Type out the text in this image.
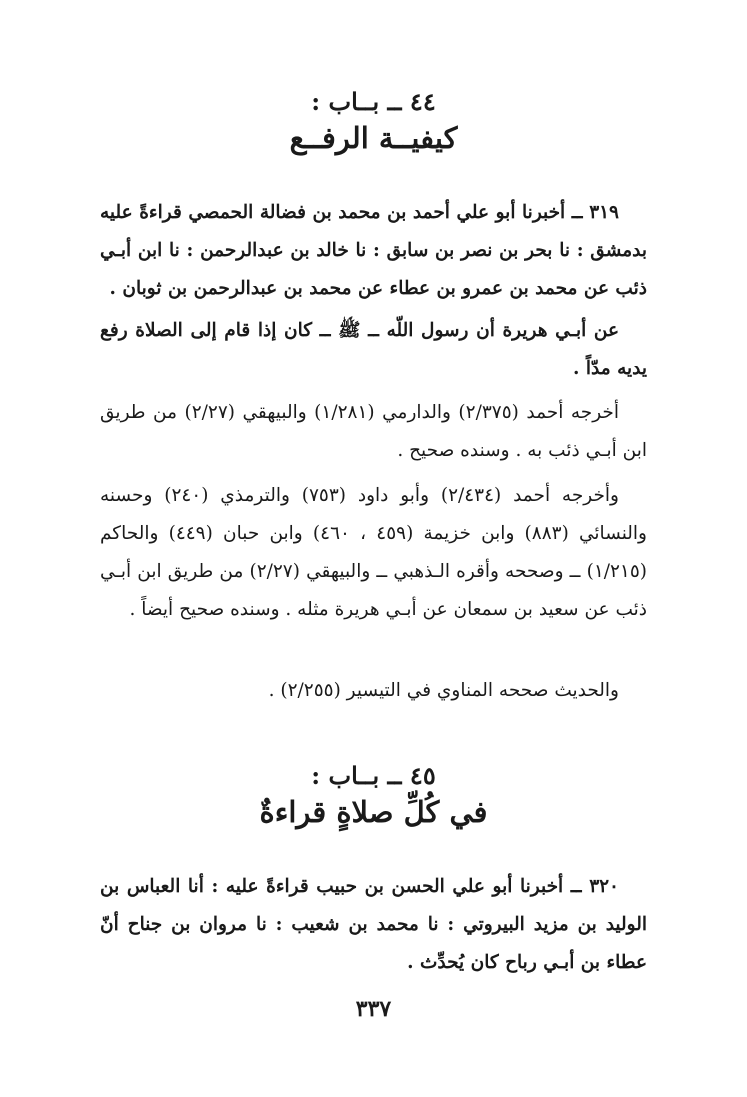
٤٤ ــ بــاب :
كيفيــة الرفــع

٣١٩ ــ أخبرنا أبو علي أحمد بن محمد بن فضالة الحمصي قراءةً عليه بدمشق : نا بحر بن نصر بن سابق : نا خالد بن عبدالرحمن : نا ابن أبـي ذئب عن محمد بن عمرو بن عطاء عن محمد بن عبدالرحمن بن ثوبان .

عن أبـي هريرة أن رسول اللّه ــ ﷺ ــ كان إذا قام إلى الصلاة رفع يديه مدّاً .

أخرجه أحمد (٢/٣٧٥) والدارمي (١/٢٨١) والبيهقي (٢/٢٧) من طريق ابن أبـي ذئب به . وسنده صحيح .

وأخرجه أحمد (٢/٤٣٤) وأبو داود (٧٥٣) والترمذي (٢٤٠) وحسنه والنسائي (٨٨٣) وابن خزيمة (٤٥٩ ، ٤٦٠) وابن حبان (٤٤٩) والحاكم (١/٢١٥) ــ وصححه وأقره الـذهبي ــ والبيهقي (٢/٢٧) من طريق ابن أبـي ذئب عن سعيد بن سمعان عن أبـي هريرة مثله . وسنده صحيح أيضاً .

والحديث صححه المناوي في التيسير (٢/٢٥٥) .

٤٥ ــ بــاب :
في كُلِّ صلاةٍ قراءةٌ

٣٢٠ ــ أخبرنا أبو علي الحسن بن حبيب قراءةً عليه : أنا العباس بن الوليد بن مزيد البيروتي : نا محمد بن شعيب : نا مروان بن جناح أنّ عطاء بن أبـي رباح كان يُحدِّث .

٣٣٧
